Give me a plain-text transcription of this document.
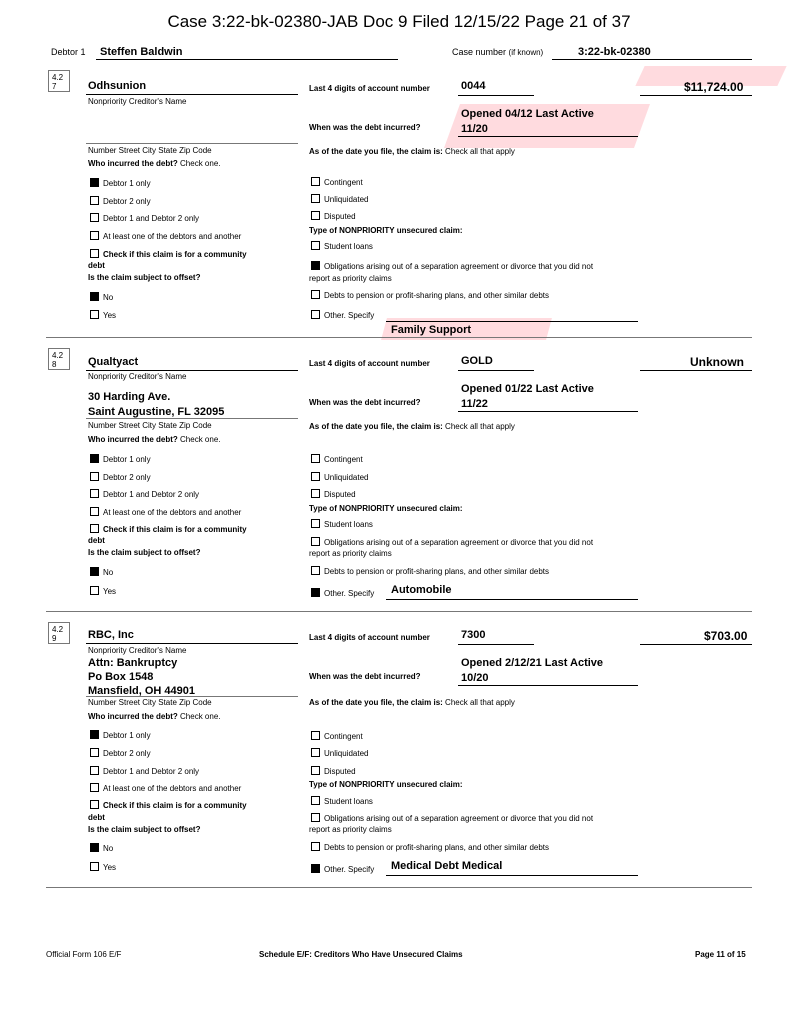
Case 3:22-bk-02380-JAB Doc 9 Filed 12/15/22 Page 21 of 37
Debtor 1 Steffen Baldwin	Case number (if known)	3:22-bk-02380
4.2
7	Odhsunion
Nonpriority Creditor's Name
Last 4 digits of account number	0044	$11,724.00
When was the debt incurred?
Opened 04/12 Last Active
11/20
Number Street City State Zip Code	As of the date you file, the claim is: Check all that apply
Who incurred the debt? Check one.
Debtor 1 only
Debtor 2 only
Debtor 1 and Debtor 2 only
At least one of the debtors and another
Check if this claim is for a community
debt
Is the claim subject to offset?
No
Yes
Contingent
Unliquidated
Disputed
Type of NONPRIORITY unsecured claim:
Student loans
Obligations arising out of a separation agreement or divorce that you did not
report as priority claims
Debts to pension or profit-sharing plans, and other similar debts
Other. Specify
Family Support
4.2
8	Qualtyact
Nonpriority Creditor's Name
30 Harding Ave.
Saint Augustine, FL 32095
Last 4 digits of account number	GOLD	Unknown
When was the debt incurred?
Opened 01/22 Last Active
11/22
Number Street City State Zip Code	As of the date you file, the claim is: Check all that apply
Who incurred the debt? Check one.
Debtor 1 only
Debtor 2 only
Debtor 1 and Debtor 2 only
At least one of the debtors and another
Check if this claim is for a community
debt
Is the claim subject to offset?
No
Yes
Contingent
Unliquidated
Disputed
Type of NONPRIORITY unsecured claim:
Student loans
Obligations arising out of a separation agreement or divorce that you did not
report as priority claims
Debts to pension or profit-sharing plans, and other similar debts
Other. Specify Automobile
4.2
9	RBC, Inc
Nonpriority Creditor's Name
Attn: Bankruptcy
Po Box 1548
Mansfield, OH 44901
Last 4 digits of account number	7300	$703.00
When was the debt incurred?
Opened 2/12/21 Last Active
10/20
Number Street City State Zip Code	As of the date you file, the claim is: Check all that apply
Who incurred the debt? Check one.
Debtor 1 only
Debtor 2 only
Debtor 1 and Debtor 2 only
At least one of the debtors and another
Check if this claim is for a community
debt
Is the claim subject to offset?
No
Yes
Contingent
Unliquidated
Disputed
Type of NONPRIORITY unsecured claim:
Student loans
Obligations arising out of a separation agreement or divorce that you did not
report as priority claims
Debts to pension or profit-sharing plans, and other similar debts
Other. Specify Medical Debt Medical
Official Form 106 E/F	Schedule E/F: Creditors Who Have Unsecured Claims	Page 11 of 15
